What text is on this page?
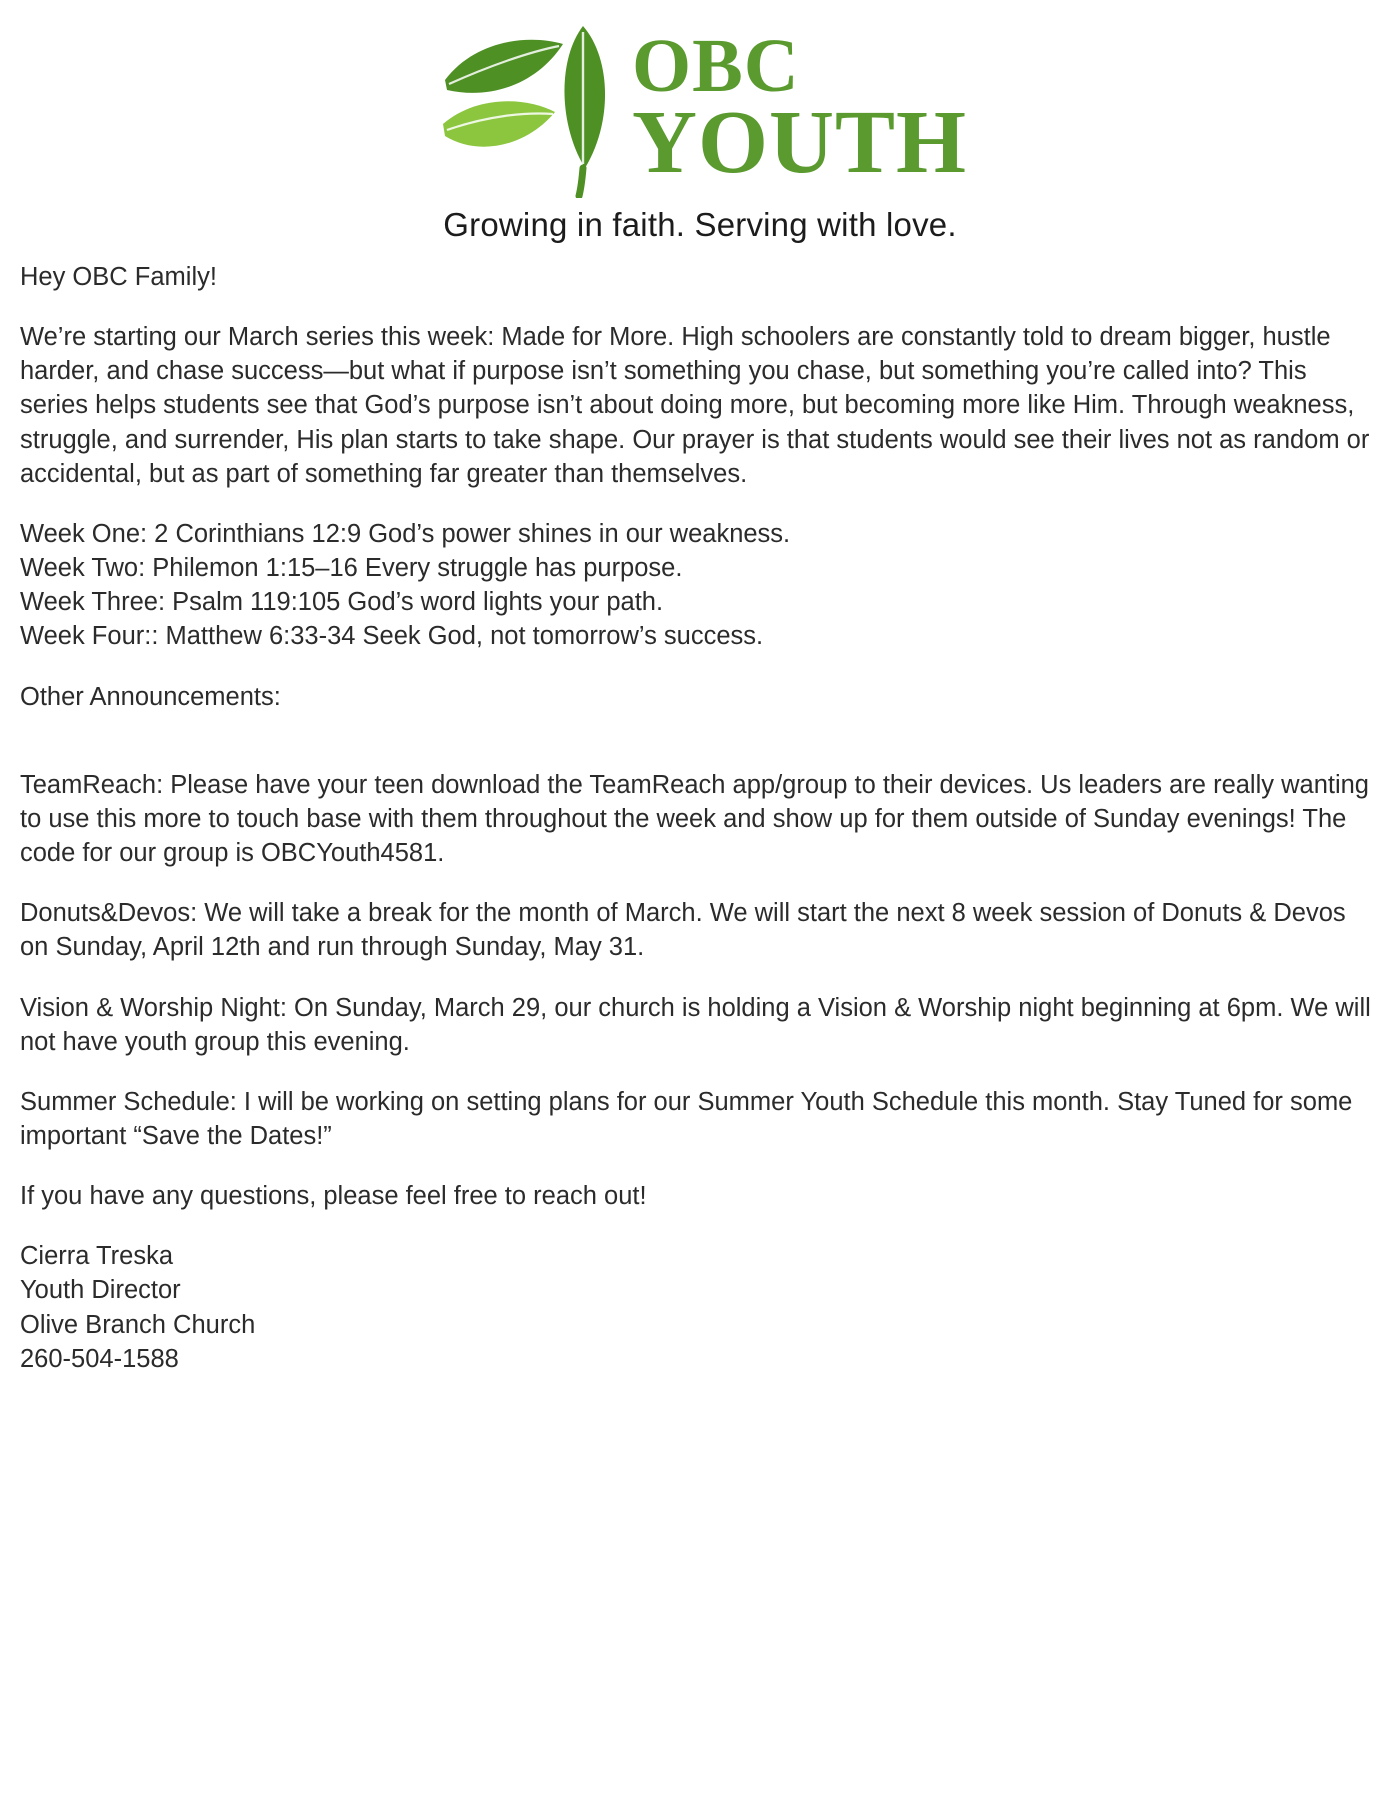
OBC
YOUTH
Growing in faith. Serving with love.

Hey OBC Family!

We’re starting our March series this week: Made for More. High schoolers are constantly told to dream bigger, hustle harder, and chase success—but what if purpose isn’t something you chase, but something you’re called into? This series helps students see that God’s purpose isn’t about doing more, but becoming more like Him. Through weakness, struggle, and surrender, His plan starts to take shape. Our prayer is that students would see their lives not as random or accidental, but as part of something far greater than themselves.

Week One: 2 Corinthians 12:9 God’s power shines in our weakness.
Week Two: Philemon 1:15–16 Every struggle has purpose.
Week Three: Psalm 119:105 God’s word lights your path.
Week Four:: Matthew 6:33-34 Seek God, not tomorrow’s success.

Other Announcements:

TeamReach: Please have your teen download the TeamReach app/group to their devices. Us leaders are really wanting to use this more to touch base with them throughout the week and show up for them outside of Sunday evenings! The code for our group is OBCYouth4581.

Donuts&Devos: We will take a break for the month of March. We will start the next 8 week session of Donuts & Devos on Sunday, April 12th and run through Sunday, May 31.

Vision & Worship Night: On Sunday, March 29, our church is holding a Vision & Worship night beginning at 6pm. We will not have youth group this evening.

Summer Schedule: I will be working on setting plans for our Summer Youth Schedule this month. Stay Tuned for some important “Save the Dates!”

If you have any questions, please feel free to reach out!

Cierra Treska
Youth Director
Olive Branch Church
260-504-1588
